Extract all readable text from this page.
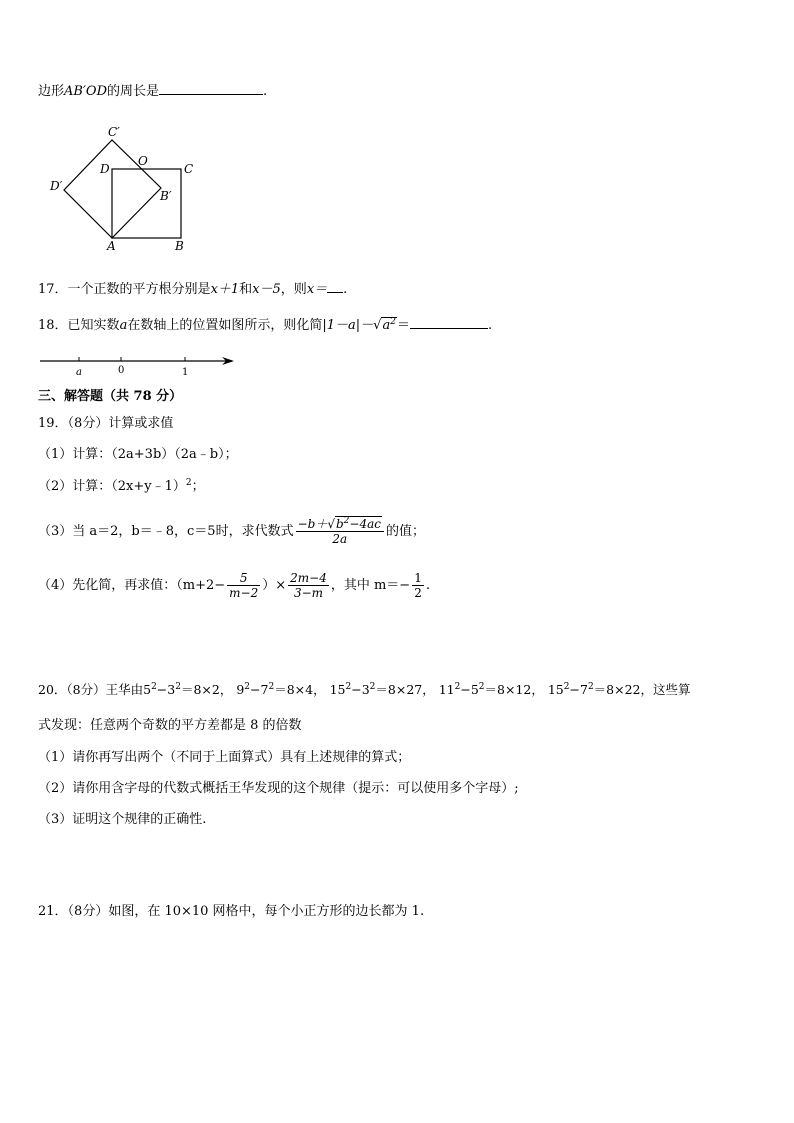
边形AB′OD的周长是	.
C′
O
D	C
D′
B′
A	B
17．一个正数的平方根分别是x＋1和x－5，则x＝ .
18．已知实数a在数轴上的位置如图所示，则化简$|1-a|-√a^2=$	.
a	0	1
三、解答题（共 78 分）
19．（8分）计算或求值
（1）计算：（2a+3b）（2a﹣b）；
（2）计算：（2x+y﹣1）$^2$；
（3）当 a＝2，b＝﹣8，c＝5时，求代数式 $\frac{-b+√b^2-4ac}{2a}$ 的值；
（4）先化简，再求值：（$m+2- \frac{5}{m-2}$ ）× $\frac{2m-4}{3-m}$ ，其中 $m=- \frac{1}{2}$ .
20．（8分）王华由$5^2-3^2=8\times 2$， $9^2-7^2=8\times 4$， $15^2-3^2=8\times 27$， $11^2-5^2=8\times 12$， $15^2-7^2=8\times 22$，这些算
式发现：任意两个奇数的平方差都是 8 的倍数
（1）请你再写出两个（不同于上面算式）具有上述规律的算式；
（2）请你用含字母的代数式概括王华发现的这个规律（提示：可以使用多个字母）;
（3）证明这个规律的正确性.
21．（8分）如图，在 10×10 网格中，每个小正方形的边长都为 1.
